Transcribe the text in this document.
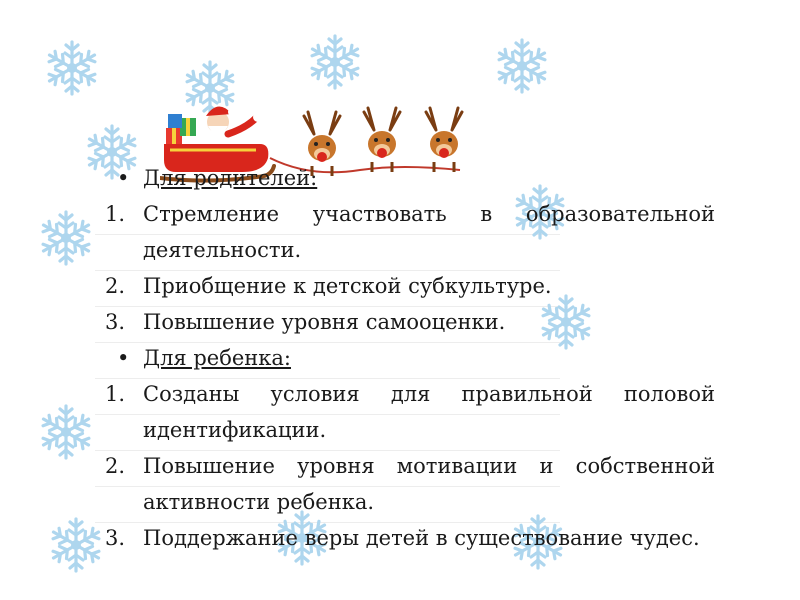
• Для родителей:
1. Стремление участвовать в образовательной
деятельности.
2. Приобщение к детской субкультуре.
3. Повышение уровня самооценки.
• Для ребенка:
1. Созданы условия для правильной половой
идентификации.
2. Повышение уровня мотивации и собственной
активности ребенка.
3. Поддержание веры детей в существование чудес.
